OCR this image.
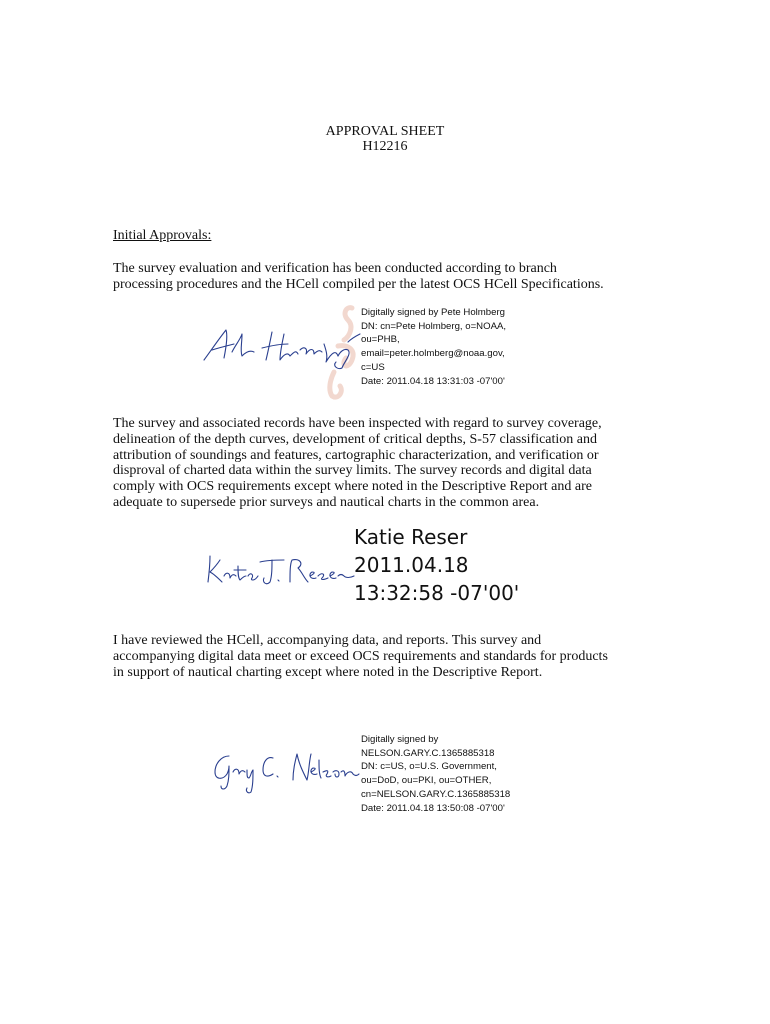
APPROVAL SHEET
H12216
Initial Approvals:
The survey evaluation and verification has been conducted according to branch
processing procedures and the HCell compiled per the latest OCS HCell Specifications.
Digitally signed by Pete Holmberg
DN: cn=Pete Holmberg, o=NOAA,
ou=PHB,
email=peter.holmberg@noaa.gov,
c=US
Date: 2011.04.18 13:31:03 -07'00'
The survey and associated records have been inspected with regard to survey coverage,
delineation of the depth curves, development of critical depths, S-57 classification and
attribution of soundings and features, cartographic characterization, and verification or
disproval of charted data within the survey limits. The survey records and digital data
comply with OCS requirements except where noted in the Descriptive Report and are
adequate to supersede prior surveys and nautical charts in the common area.
Katie Reser
2011.04.18
13:32:58 -07'00'
I have reviewed the HCell, accompanying data, and reports. This survey and
accompanying digital data meet or exceed OCS requirements and standards for products
in support of nautical charting except where noted in the Descriptive Report.
Digitally signed by
NELSON.GARY.C.1365885318
DN: c=US, o=U.S. Government,
ou=DoD, ou=PKI, ou=OTHER,
cn=NELSON.GARY.C.1365885318
Date: 2011.04.18 13:50:08 -07'00'
